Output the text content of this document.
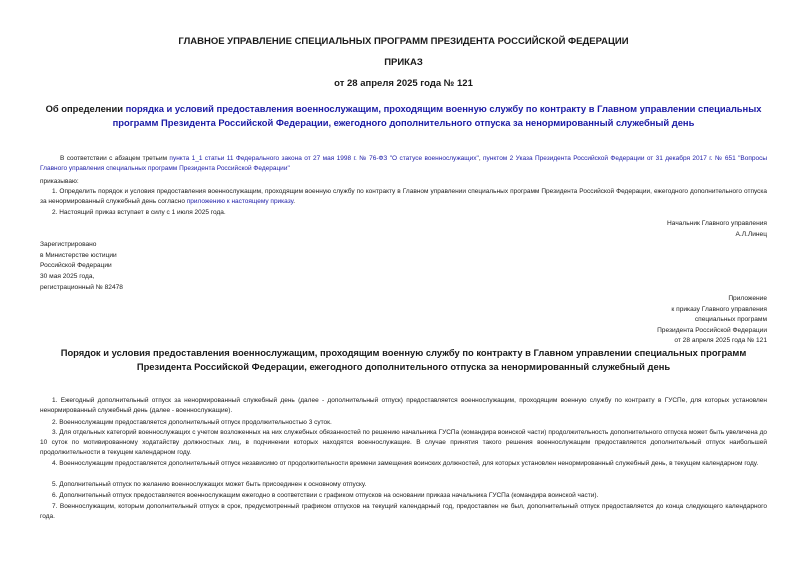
ГЛАВНОЕ УПРАВЛЕНИЕ СПЕЦИАЛЬНЫХ ПРОГРАММ ПРЕЗИДЕНТА РОССИЙСКОЙ ФЕДЕРАЦИИ
ПРИКАЗ
от 28 апреля 2025 года № 121
Об определении порядка и условий предоставления военнослужащим, проходящим военную службу по контракту в Главном управлении специальных программ Президента Российской Федерации, ежегодного дополнительного отпуска за ненормированный служебный день
В соответствии с абзацем третьим пункта 1_1 статьи 11 Федерального закона от 27 мая 1998 г. № 76-ФЗ "О статусе военнослужащих", пунктом 2 Указа Президента Российской Федерации от 31 декабря 2017 г. № 651 "Вопросы Главного управления специальных программ Президента Российской Федерации"
приказываю:
1. Определить порядок и условия предоставления военнослужащим, проходящим военную службу по контракту в Главном управлении специальных программ Президента Российской Федерации, ежегодного дополнительного отпуска за ненормированный служебный день согласно приложению к настоящему приказу.
2. Настоящий приказ вступает в силу с 1 июля 2025 года.
Начальник Главного управления
А.Л.Линец
Зарегистрировано
в Министерстве юстиции
Российской Федерации
30 мая 2025 года,
регистрационный № 82478
Приложение
к приказу Главного управления
специальных программ
Президента Российской Федерации
от 28 апреля 2025 года № 121
Порядок и условия предоставления военнослужащим, проходящим военную службу по контракту в Главном управлении специальных программ Президента Российской Федерации, ежегодного дополнительного отпуска за ненормированный служебный день
1. Ежегодный дополнительный отпуск за ненормированный служебный день (далее - дополнительный отпуск) предоставляется военнослужащим, проходящим военную службу по контракту в ГУСПе, для которых установлен ненормированный служебный день (далее - военнослужащие).
2. Военнослужащим предоставляется дополнительный отпуск продолжительностью 3 суток.
3. Для отдельных категорий военнослужащих с учетом возложенных на них служебных обязанностей по решению начальника ГУСПа (командира воинской части) продолжительность дополнительного отпуска может быть увеличена до 10 суток по мотивированному ходатайству должностных лиц, в подчинении которых находятся военнослужащие. В случае принятия такого решения военнослужащим предоставляется дополнительный отпуск наибольшей продолжительности в текущем календарном году.
4. Военнослужащим предоставляется дополнительный отпуск независимо от продолжительности времени замещения воинских должностей, для которых установлен ненормированный служебный день, в текущем календарном году.
5. Дополнительный отпуск по желанию военнослужащих может быть присоединен к основному отпуску.
6. Дополнительный отпуск предоставляется военнослужащим ежегодно в соответствии с графиком отпусков на основании приказа начальника ГУСПа (командира воинской части).
7. Военнослужащим, которым дополнительный отпуск в срок, предусмотренный графиком отпусков на текущий календарный год, предоставлен не был, дополнительный отпуск предоставляется до конца следующего календарного года.
